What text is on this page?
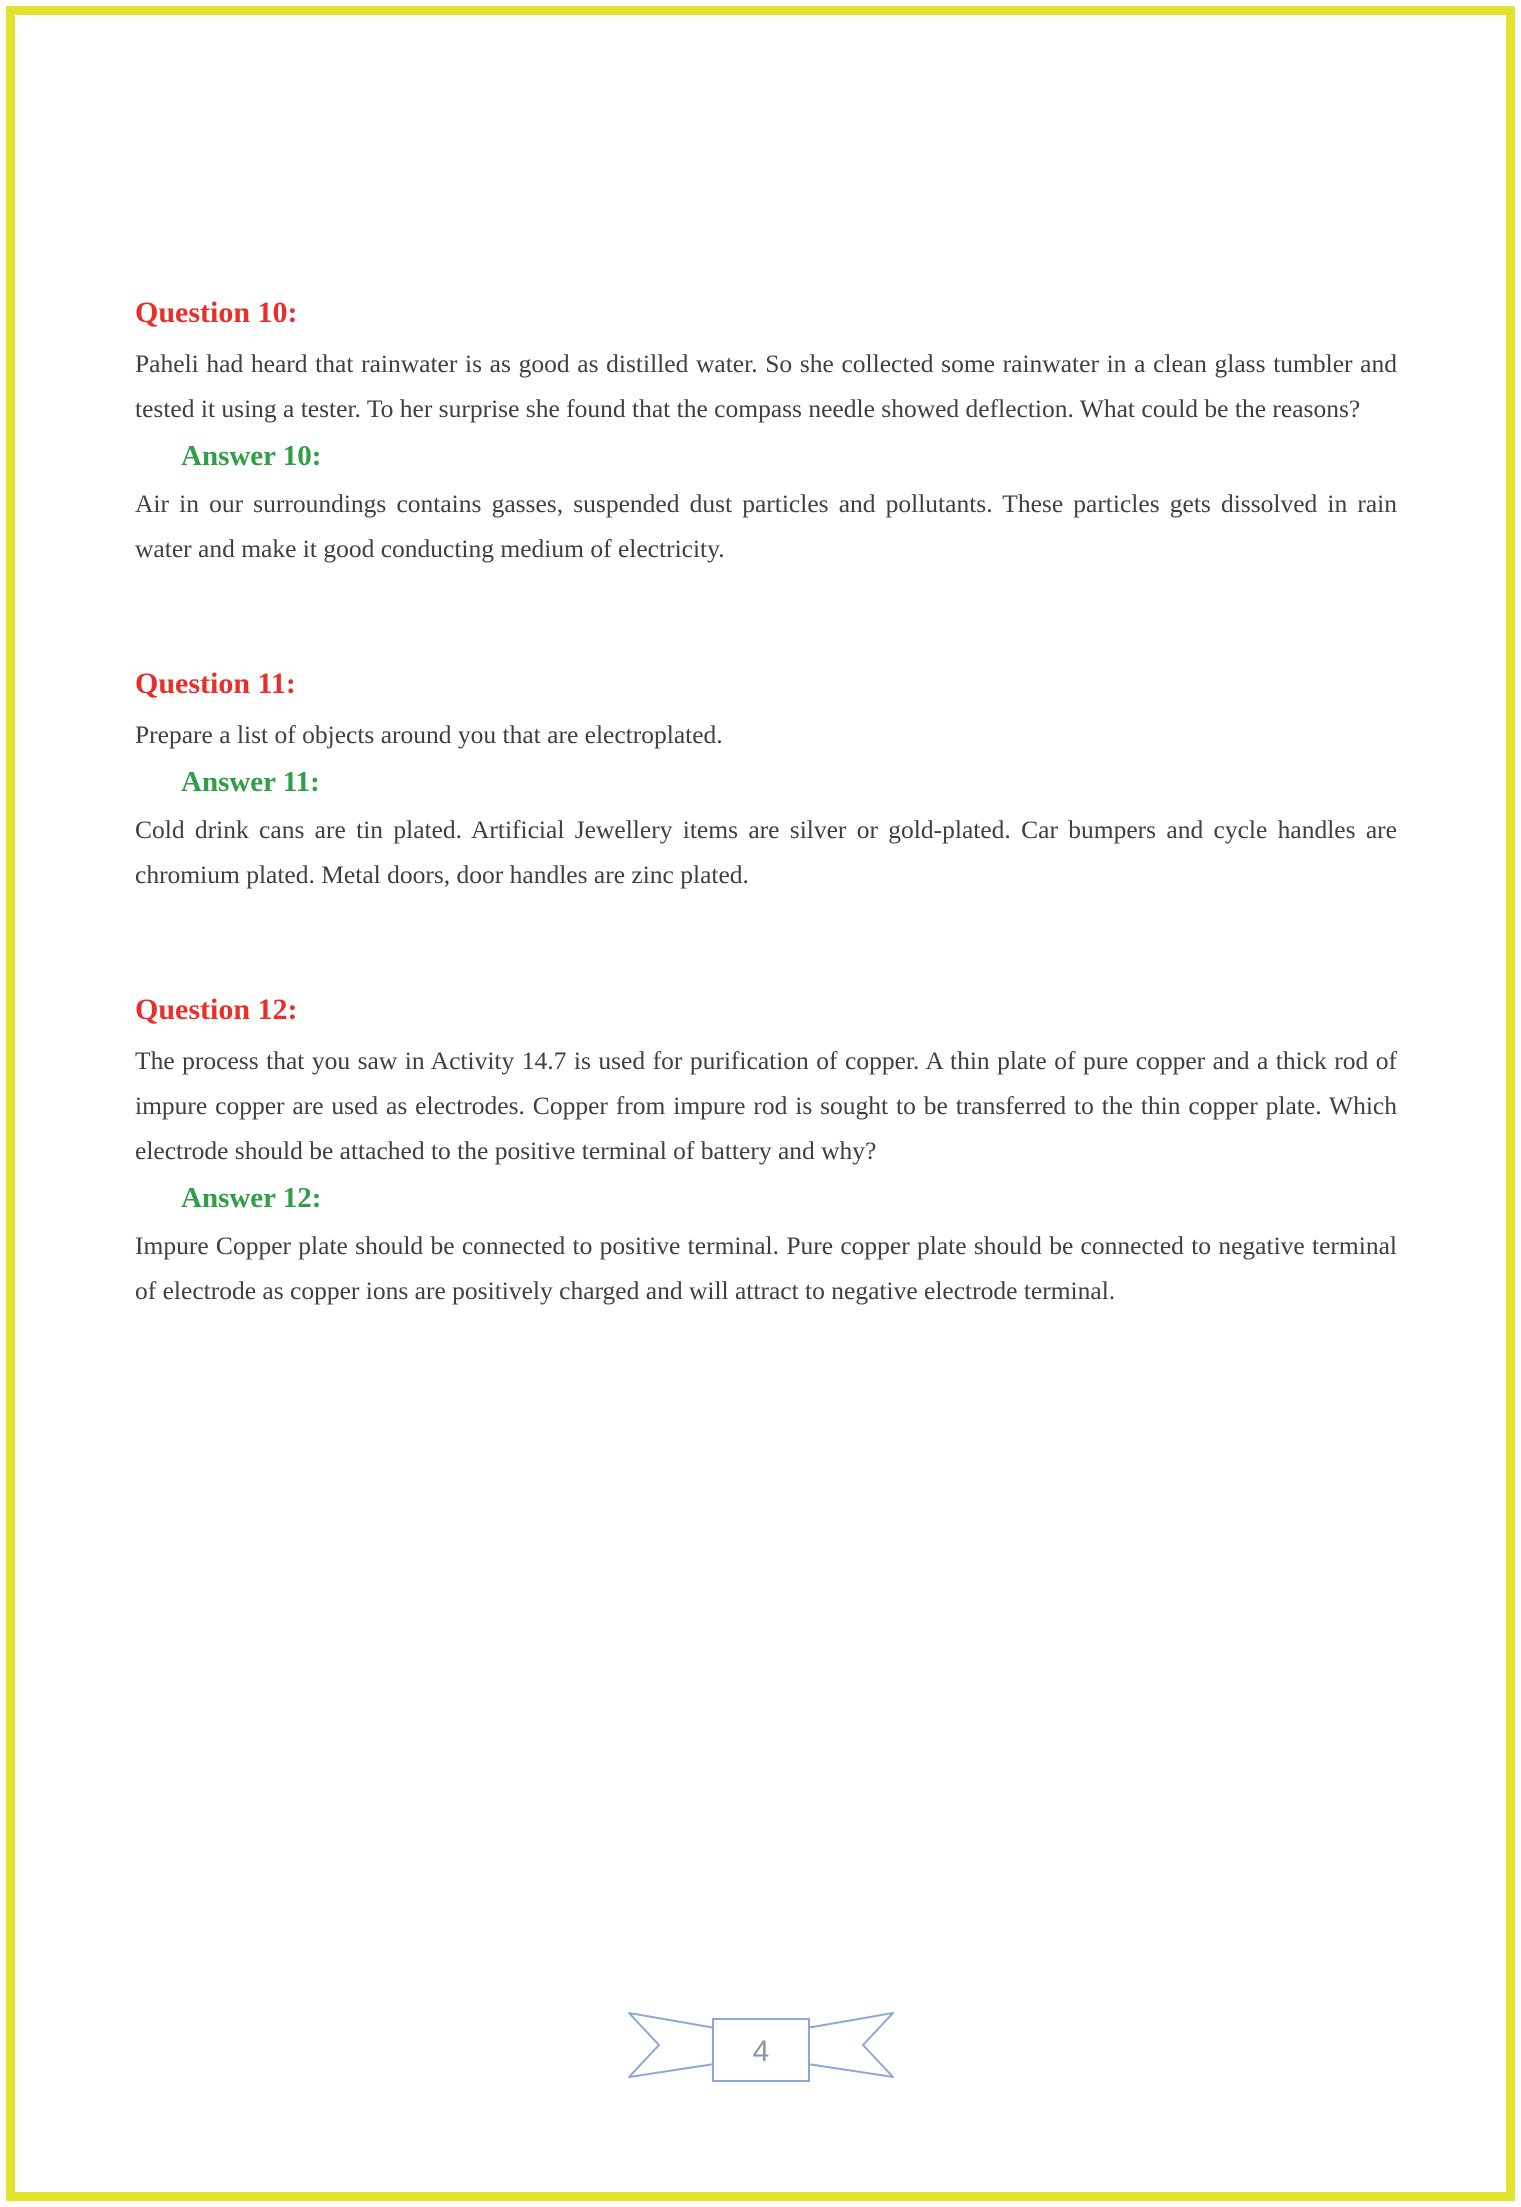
Question 10:

Paheli had heard that rainwater is as good as distilled water. So she collected some rainwater in a clean glass tumbler and tested it using a tester. To her surprise she found that the compass needle showed deflection. What could be the reasons?

Answer 10:

Air in our surroundings contains gasses, suspended dust particles and pollutants. These particles gets dissolved in rain water and make it good conducting medium of electricity.

Question 11:

Prepare a list of objects around you that are electroplated.

Answer 11:

Cold drink cans are tin plated. Artificial Jewellery items are silver or gold-plated. Car bumpers and cycle handles are chromium plated. Metal doors, door handles are zinc plated.

Question 12:

The process that you saw in Activity 14.7 is used for purification of copper. A thin plate of pure copper and a thick rod of impure copper are used as electrodes. Copper from impure rod is sought to be transferred to the thin copper plate. Which electrode should be attached to the positive terminal of battery and why?

Answer 12:

Impure Copper plate should be connected to positive terminal. Pure copper plate should be connected to negative terminal of electrode as copper ions are positively charged and will attract to negative electrode terminal.

4
